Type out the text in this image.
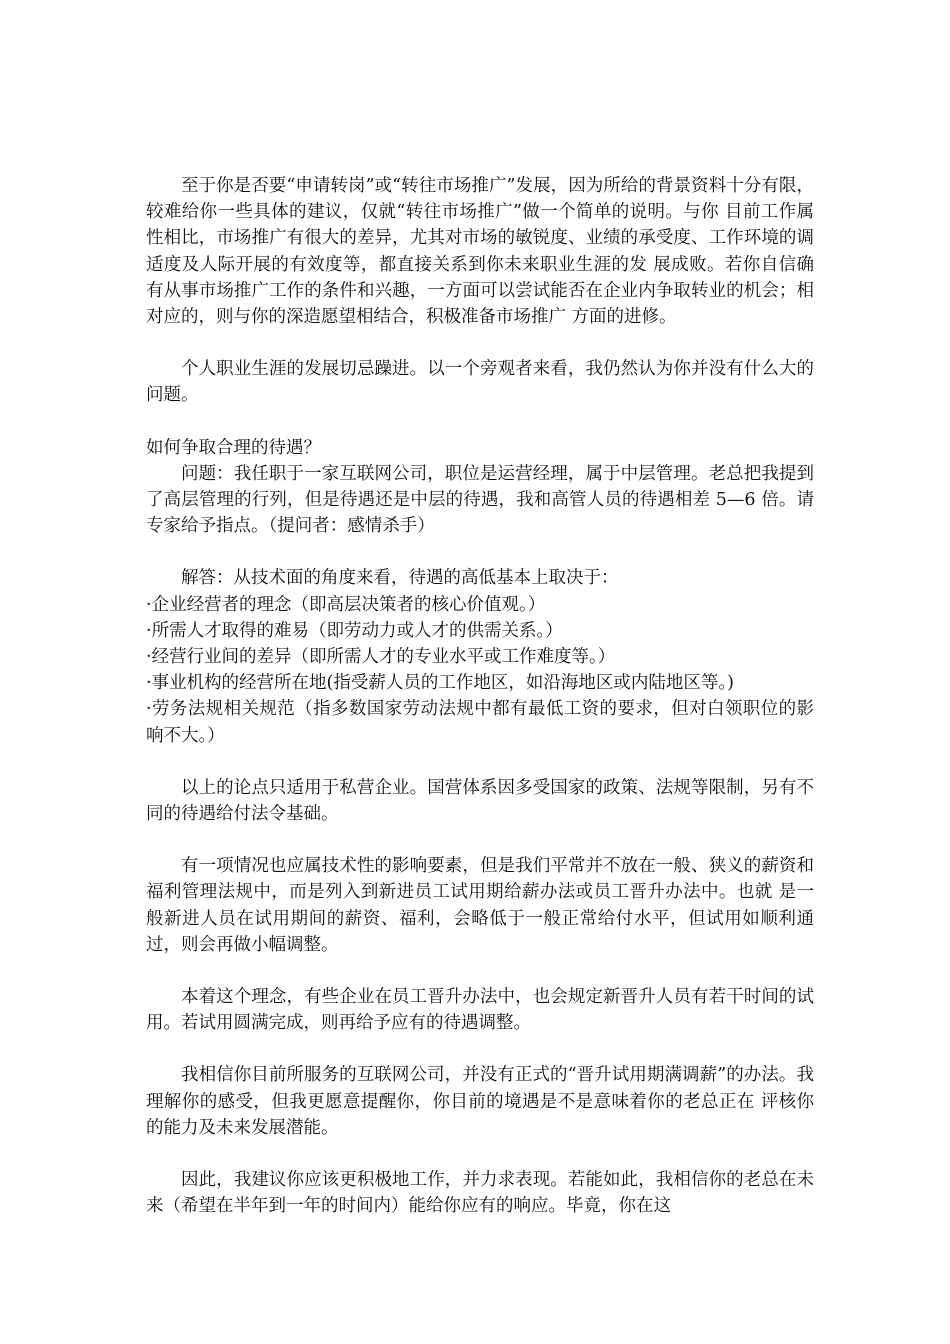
至于你是否要“申请转岗”或“转往市场推广”发展，因为所给的背景资料十分有限，较难给你一些具体的建议，仅就“转往市场推广”做一个简单的说明。与你 目前工作属性相比，市场推广有很大的差异，尤其对市场的敏锐度、业绩的承受度、工作环境的调适度及人际开展的有效度等，都直接关系到你未来职业生涯的发 展成败。若你自信确有从事市场推广工作的条件和兴趣，一方面可以尝试能否在企业内争取转业的机会；相对应的，则与你的深造愿望相结合，积极准备市场推广 方面的进修。

个人职业生涯的发展切忌躁进。以一个旁观者来看，我仍然认为你并没有什么大的问题。

如何争取合理的待遇？

问题：我任职于一家互联网公司，职位是运营经理，属于中层管理。老总把我提到了高层管理的行列，但是待遇还是中层的待遇，我和高管人员的待遇相差 5—6 倍。请专家给予指点。（提问者：感情杀手）

解答：从技术面的角度来看，待遇的高低基本上取决于：

·企业经营者的理念（即高层决策者的核心价值观。）
·所需人才取得的难易（即劳动力或人才的供需关系。）
·经营行业间的差异（即所需人才的专业水平或工作难度等。）
·事业机构的经营所在地(指受薪人员的工作地区，如沿海地区或内陆地区等。)
·劳务法规相关规范（指多数国家劳动法规中都有最低工资的要求，但对白领职位的影响不大。）

以上的论点只适用于私营企业。国营体系因多受国家的政策、法规等限制，另有不同的待遇给付法令基础。

有一项情况也应属技术性的影响要素，但是我们平常并不放在一般、狭义的薪资和福利管理法规中，而是列入到新进员工试用期给薪办法或员工晋升办法中。也就 是一般新进人员在试用期间的薪资、福利，会略低于一般正常给付水平，但试用如顺利通过，则会再做小幅调整。

本着这个理念，有些企业在员工晋升办法中，也会规定新晋升人员有若干时间的试用。若试用圆满完成，则再给予应有的待遇调整。

我相信你目前所服务的互联网公司，并没有正式的“晋升试用期满调薪”的办法。我理解你的感受，但我更愿意提醒你，你目前的境遇是不是意味着你的老总正在 评核你的能力及未来发展潜能。

因此，我建议你应该更积极地工作，并力求表现。若能如此，我相信你的老总在未来（希望在半年到一年的时间内）能给你应有的响应。毕竟，你在这
